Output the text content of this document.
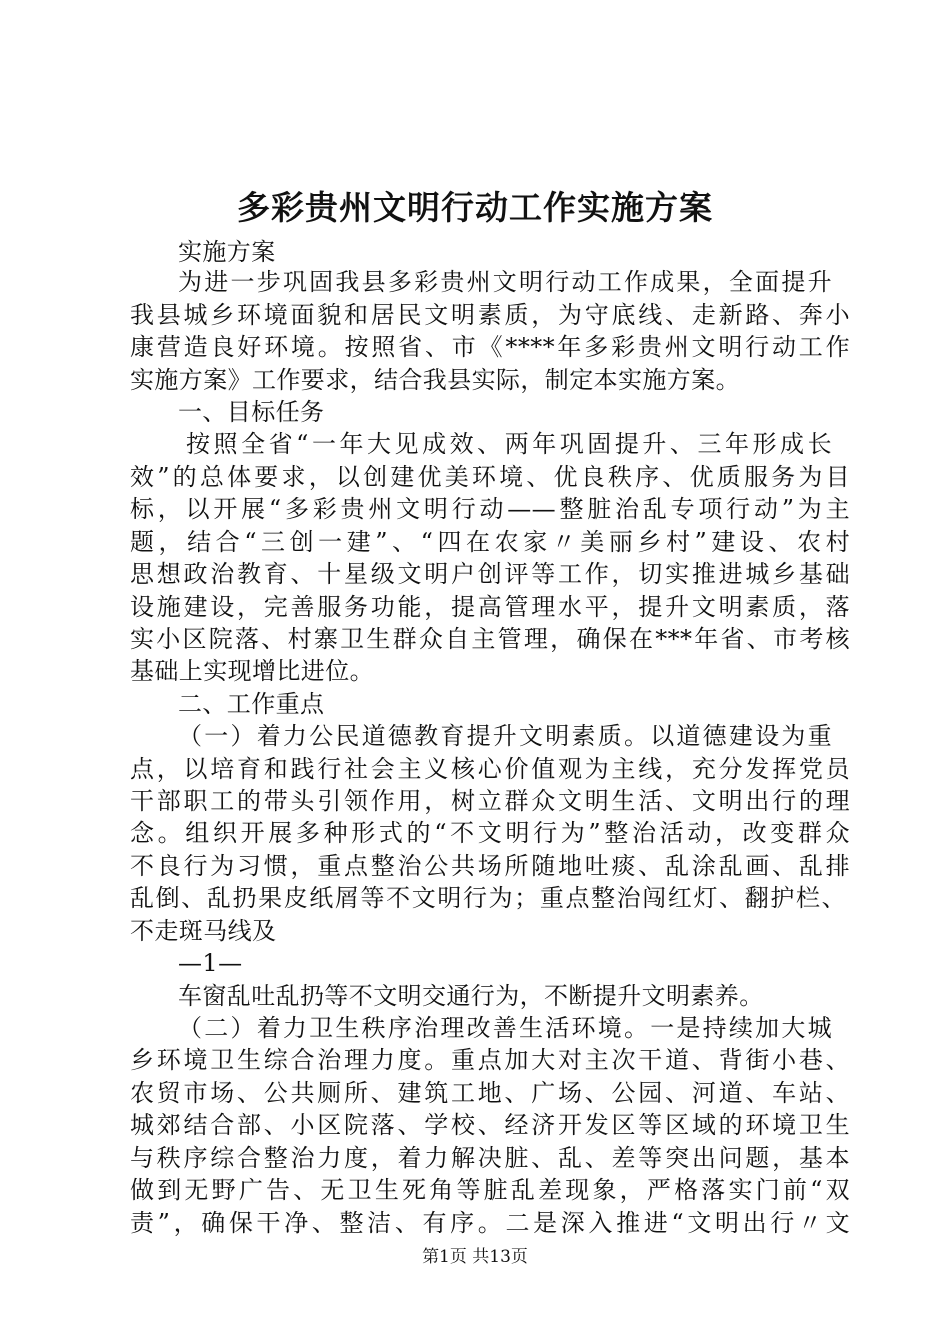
多彩贵州文明行动工作实施方案
实施方案
为进一步巩固我县多彩贵州文明行动工作成果，全面提升
我县城乡环境面貌和居民文明素质，为守底线、走新路、奔小
康营造良好环境。按照省、市《****年多彩贵州文明行动工作
实施方案》工作要求，结合我县实际，制定本实施方案。
一、目标任务
按照全省“一年大见成效、两年巩固提升、三年形成长
效”的总体要求，以创建优美环境、优良秩序、优质服务为目
标，以开展“多彩贵州文明行动——整脏治乱专项行动”为主
题，结合“三创一建”、“四在农家〃美丽乡村”建设、农村
思想政治教育、十星级文明户创评等工作，切实推进城乡基础
设施建设，完善服务功能，提高管理水平，提升文明素质，落
实小区院落、村寨卫生群众自主管理，确保在***年省、市考核
基础上实现增比进位。
二、工作重点
（一）着力公民道德教育提升文明素质。以道德建设为重
点，以培育和践行社会主义核心价值观为主线，充分发挥党员
干部职工的带头引领作用，树立群众文明生活、文明出行的理
念。组织开展多种形式的“不文明行为”整治活动，改变群众
不良行为习惯，重点整治公共场所随地吐痰、乱涂乱画、乱排
乱倒、乱扔果皮纸屑等不文明行为；重点整治闯红灯、翻护栏、
不走斑马线及
—1—
车窗乱吐乱扔等不文明交通行为，不断提升文明素养。
（二）着力卫生秩序治理改善生活环境。一是持续加大城
乡环境卫生综合治理力度。重点加大对主次干道、背街小巷、
农贸市场、公共厕所、建筑工地、广场、公园、河道、车站、
城郊结合部、小区院落、学校、经济开发区等区域的环境卫生
与秩序综合整治力度，着力解决脏、乱、差等突出问题，基本
做到无野广告、无卫生死角等脏乱差现象，严格落实门前“双
责”，确保干净、整洁、有序。二是深入推进“文明出行〃文
第1页 共13页
